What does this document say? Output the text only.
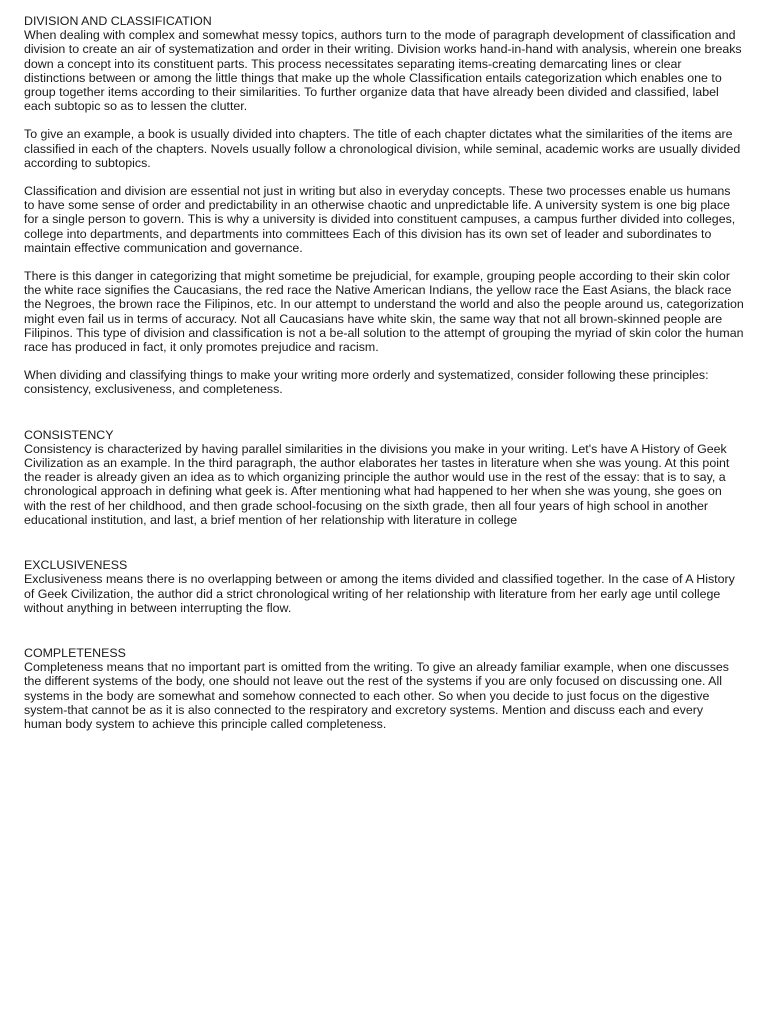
DIVISION AND CLASSIFICATION

When dealing with complex and somewhat messy topics, authors turn to the mode of paragraph development of classification and division to create an air of systematization and order in their writing. Division works hand-in-hand with analysis, wherein one breaks down a concept into its constituent parts. This process necessitates separating items-creating demarcating lines or clear distinctions between or among the little things that make up the whole Classification entails categorization which enables one to group together items according to their similarities. To further organize data that have already been divided and classified, label each subtopic so as to lessen the clutter.

To give an example, a book is usually divided into chapters. The title of each chapter dictates what the similarities of the items are classified in each of the chapters. Novels usually follow a chronological division, while seminal, academic works are usually divided according to subtopics.

Classification and division are essential not just in writing but also in everyday concepts. These two processes enable us humans to have some sense of order and predictability in an otherwise chaotic and unpredictable life. A university system is one big place for a single person to govern. This is why a university is divided into constituent campuses, a campus further divided into colleges, college into departments, and departments into committees Each of this division has its own set of leader and subordinates to maintain effective communication and governance.

There is this danger in categorizing that might sometime be prejudicial, for example, grouping people according to their skin color the white race signifies the Caucasians, the red race the Native American Indians, the yellow race the East Asians, the black race the Negroes, the brown race the Filipinos, etc. In our attempt to understand the world and also the people around us, categorization might even fail us in terms of accuracy. Not all Caucasians have white skin, the same way that not all brown-skinned people are Filipinos. This type of division and classification is not a be-all solution to the attempt of grouping the myriad of skin color the human race has produced in fact, it only promotes prejudice and racism.

When dividing and classifying things to make your writing more orderly and systematized, consider following these principles: consistency, exclusiveness, and completeness.

CONSISTENCY

Consistency is characterized by having parallel similarities in the divisions you make in your writing. Let's have A History of Geek Civilization as an example. In the third paragraph, the author elaborates her tastes in literature when she was young. At this point the reader is already given an idea as to which organizing principle the author would use in the rest of the essay: that is to say, a chronological approach in defining what geek is. After mentioning what had happened to her when she was young, she goes on with the rest of her childhood, and then grade school-focusing on the sixth grade, then all four years of high school in another educational institution, and last, a brief mention of her relationship with literature in college

EXCLUSIVENESS

Exclusiveness means there is no overlapping between or among the items divided and classified together. In the case of A History of Geek Civilization, the author did a strict chronological writing of her relationship with literature from her early age until college without anything in between interrupting the flow.

COMPLETENESS

Completeness means that no important part is omitted from the writing. To give an already familiar example, when one discusses the different systems of the body, one should not leave out the rest of the systems if you are only focused on discussing one. All systems in the body are somewhat and somehow connected to each other. So when you decide to just focus on the digestive system-that cannot be as it is also connected to the respiratory and excretory systems. Mention and discuss each and every human body system to achieve this principle called completeness.
